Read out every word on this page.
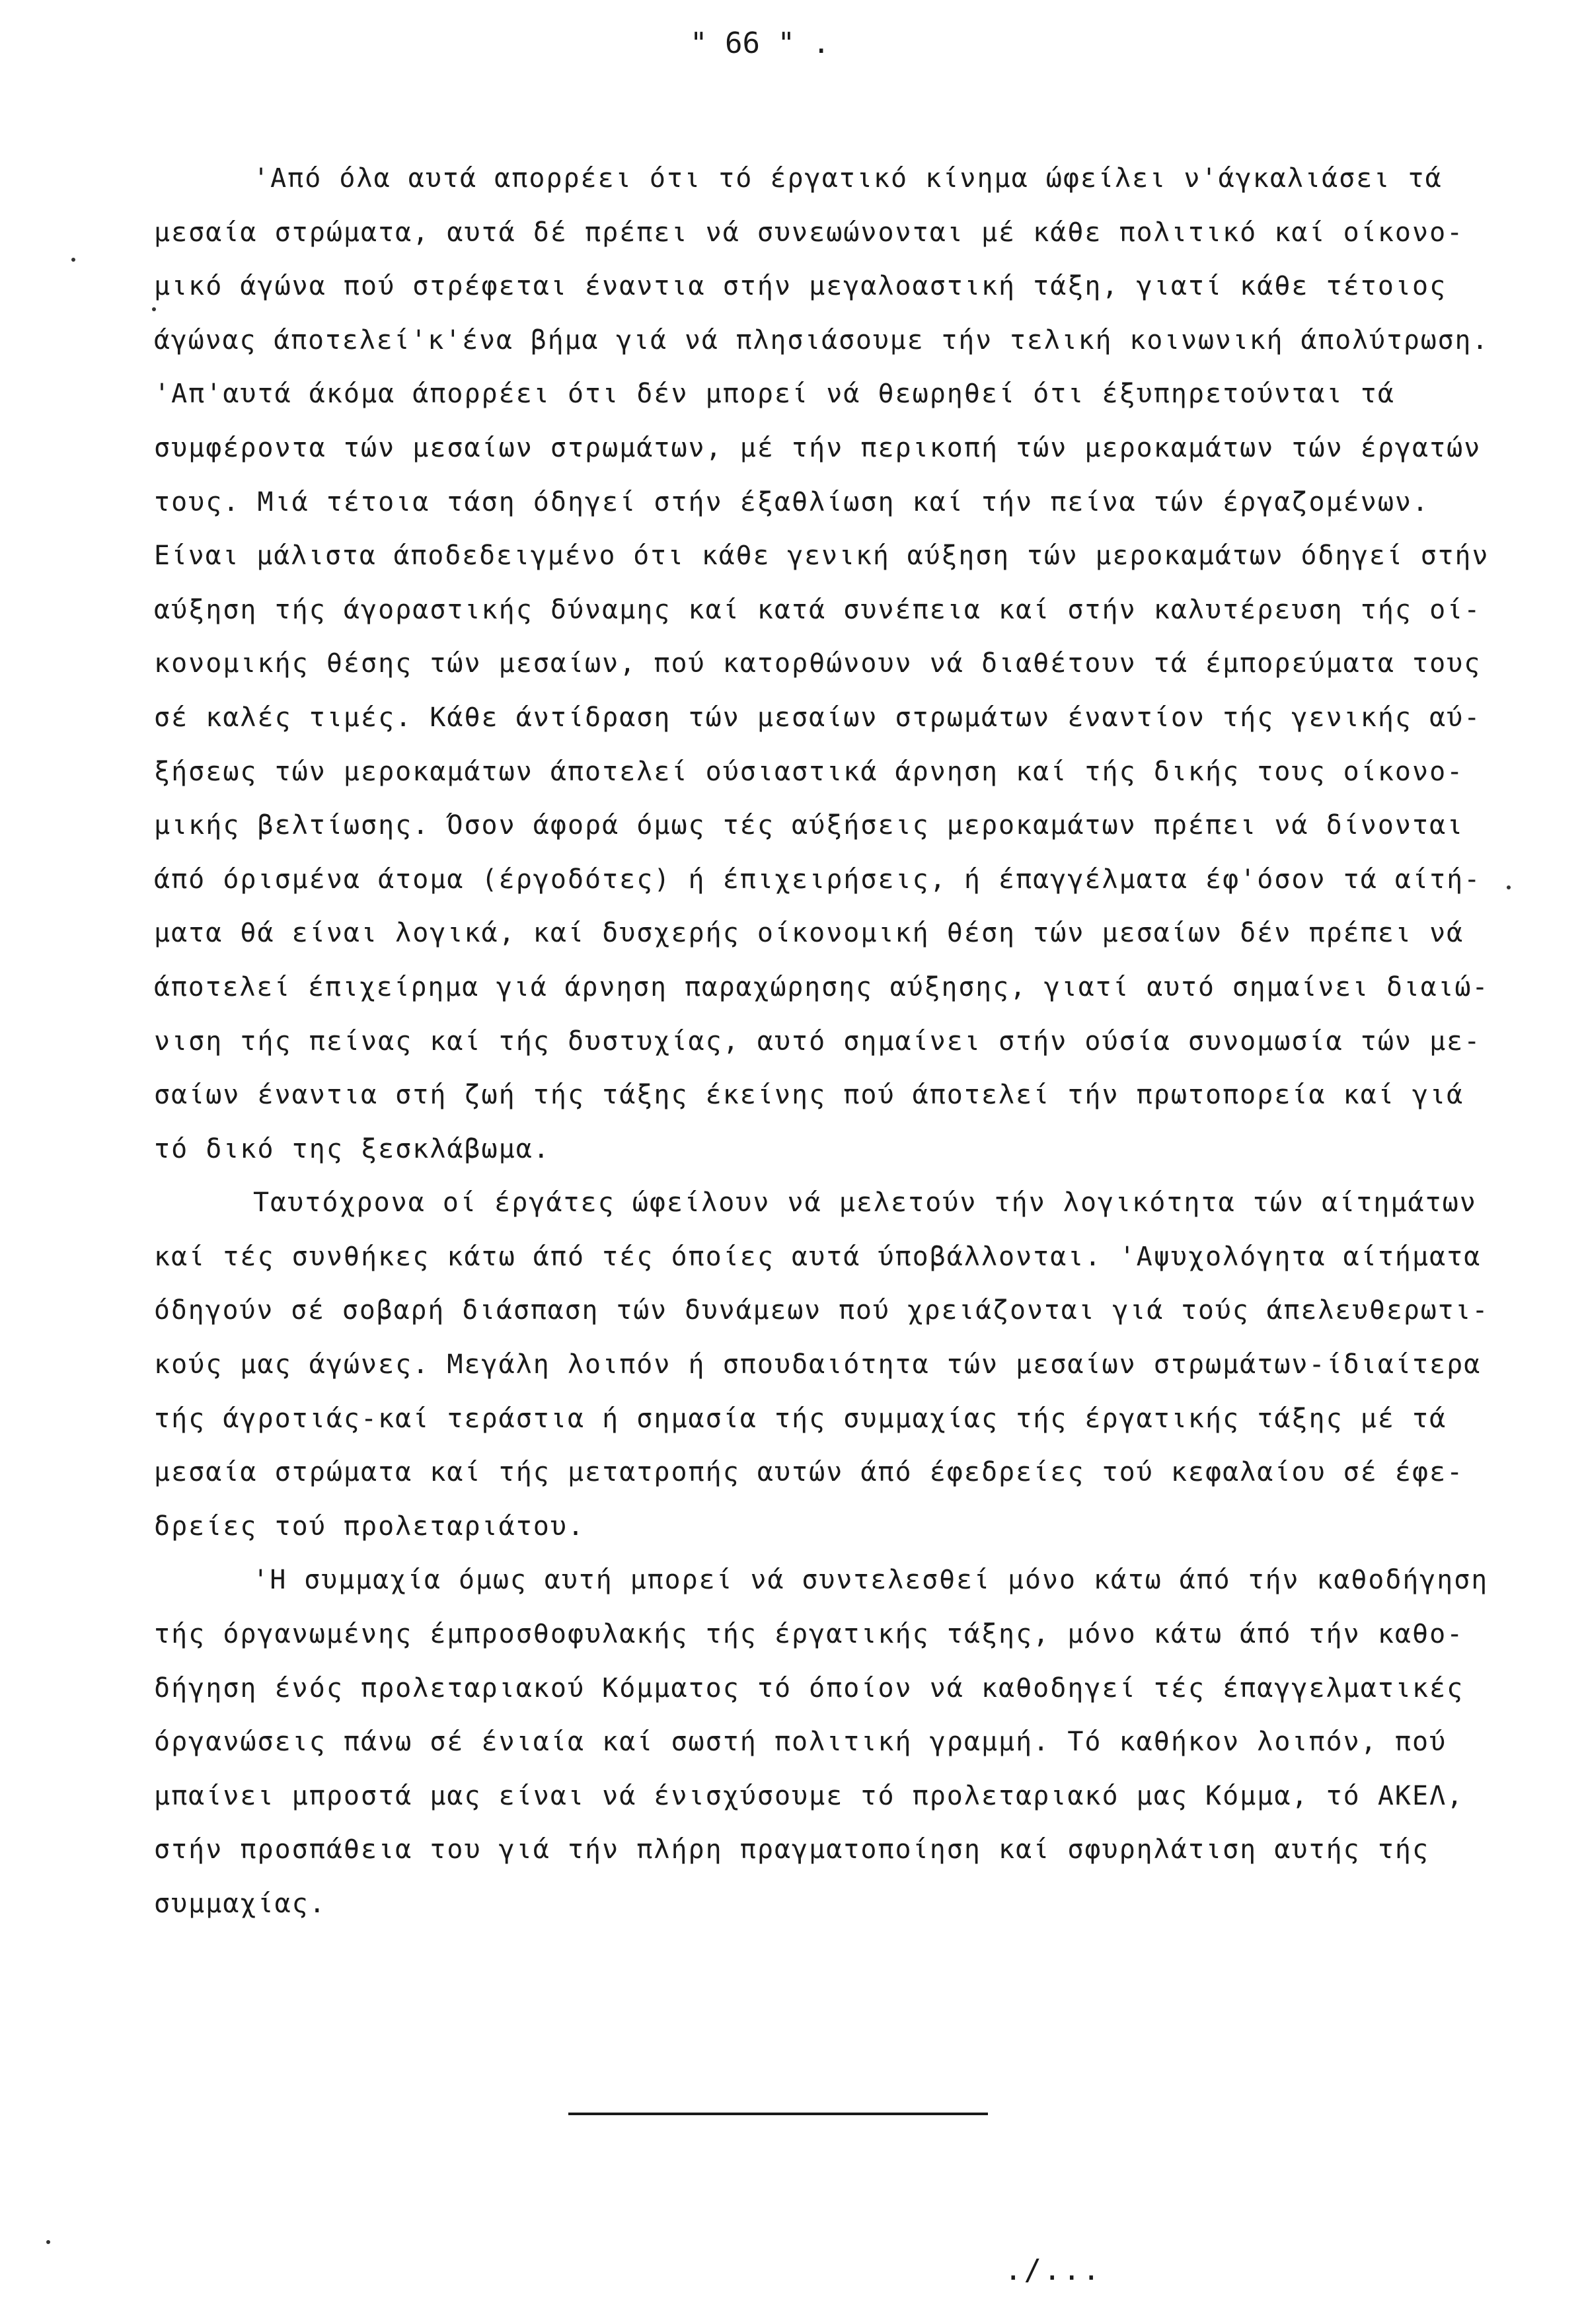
" 66 " .
'Από όλα αυτά απορρέει ότι τό έργατικό κίνημα ώφείλει ν'άγκαλιάσει τά
μεσαία στρώματα, αυτά δέ πρέπει νά συνεωώνονται μέ κάθε πολιτικό καί οίκονο-
μικό άγώνα πού στρέφεται έναντια στήν μεγαλοαστική τάξη, γιατί κάθε τέτοιος
άγώνας άποτελεί'κ'ένα βήμα γιά νά πλησιάσουμε τήν τελική κοινωνική άπολύτρωση.
'Απ'αυτά άκόμα άπορρέει ότι δέν μπορεί νά θεωρηθεί ότι έξυπηρετούνται τά
συμφέροντα τών μεσαίων στρωμάτων, μέ τήν περικοπή τών μεροκαμάτων τών έργατών
τους. Μιά τέτοια τάση όδηγεί στήν έξαθλίωση καί τήν πείνα τών έργαζομένων.
Είναι μάλιστα άποδεδειγμένο ότι κάθε γενική αύξηση τών μεροκαμάτων όδηγεί στήν
αύξηση τής άγοραστικής δύναμης καί κατά συνέπεια καί στήν καλυτέρευση τής οί-
κονομικής θέσης τών μεσαίων, πού κατορθώνουν νά διαθέτουν τά έμπορεύματα τους
σέ καλές τιμές. Κάθε άντίδραση τών μεσαίων στρωμάτων έναντίον τής γενικής αύ-
ξήσεως τών μεροκαμάτων άποτελεί ούσιαστικά άρνηση καί τής δικής τους οίκονο-
μικής βελτίωσης. Όσον άφορά όμως τές αύξήσεις μεροκαμάτων πρέπει νά δίνονται
άπό όρισμένα άτομα (έργοδότες) ή έπιχειρήσεις, ή έπαγγέλματα έφ'όσον τά αίτή-
ματα θά είναι λογικά, καί δυσχερής οίκονομική θέση τών μεσαίων δέν πρέπει νά
άποτελεί έπιχείρημα γιά άρνηση παραχώρησης αύξησης, γιατί αυτό σημαίνει διαιώ-
νιση τής πείνας καί τής δυστυχίας, αυτό σημαίνει στήν ούσία συνομωσία τών με-
σαίων έναντια στή ζωή τής τάξης έκείνης πού άποτελεί τήν πρωτοπορεία καί γιά
τό δικό της ξεσκλάβωμα.
Ταυτόχρονα οί έργάτες ώφείλουν νά μελετούν τήν λογικότητα τών αίτημάτων
καί τές συνθήκες κάτω άπό τές όποίες αυτά ύποβάλλονται. 'Αψυχολόγητα αίτήματα
όδηγούν σέ σοβαρή διάσπαση τών δυνάμεων πού χρειάζονται γιά τούς άπελευθερωτι-
κούς μας άγώνες. Μεγάλη λοιπόν ή σπουδαιότητα τών μεσαίων στρωμάτων-ίδιαίτερα
τής άγροτιάς-καί τεράστια ή σημασία τής συμμαχίας τής έργατικής τάξης μέ τά
μεσαία στρώματα καί τής μετατροπής αυτών άπό έφεδρείες τού κεφαλαίου σέ έφε-
δρείες τού προλεταριάτου.
'Η συμμαχία όμως αυτή μπορεί νά συντελεσθεί μόνο κάτω άπό τήν καθοδήγηση
τής όργανωμένης έμπροσθοφυλακής τής έργατικής τάξης, μόνο κάτω άπό τήν καθο-
δήγηση ένός προλεταριακού Κόμματος τό όποίον νά καθοδηγεί τές έπαγγελματικές
όργανώσεις πάνω σέ ένιαία καί σωστή πολιτική γραμμή. Τό καθήκον λοιπόν, πού
μπαίνει μπροστά μας είναι νά ένισχύσουμε τό προλεταριακό μας Κόμμα, τό ΑΚΕΛ,
στήν προσπάθεια του γιά τήν πλήρη πραγματοποίηση καί σφυρηλάτιση αυτής τής
συμμαχίας.
./...
